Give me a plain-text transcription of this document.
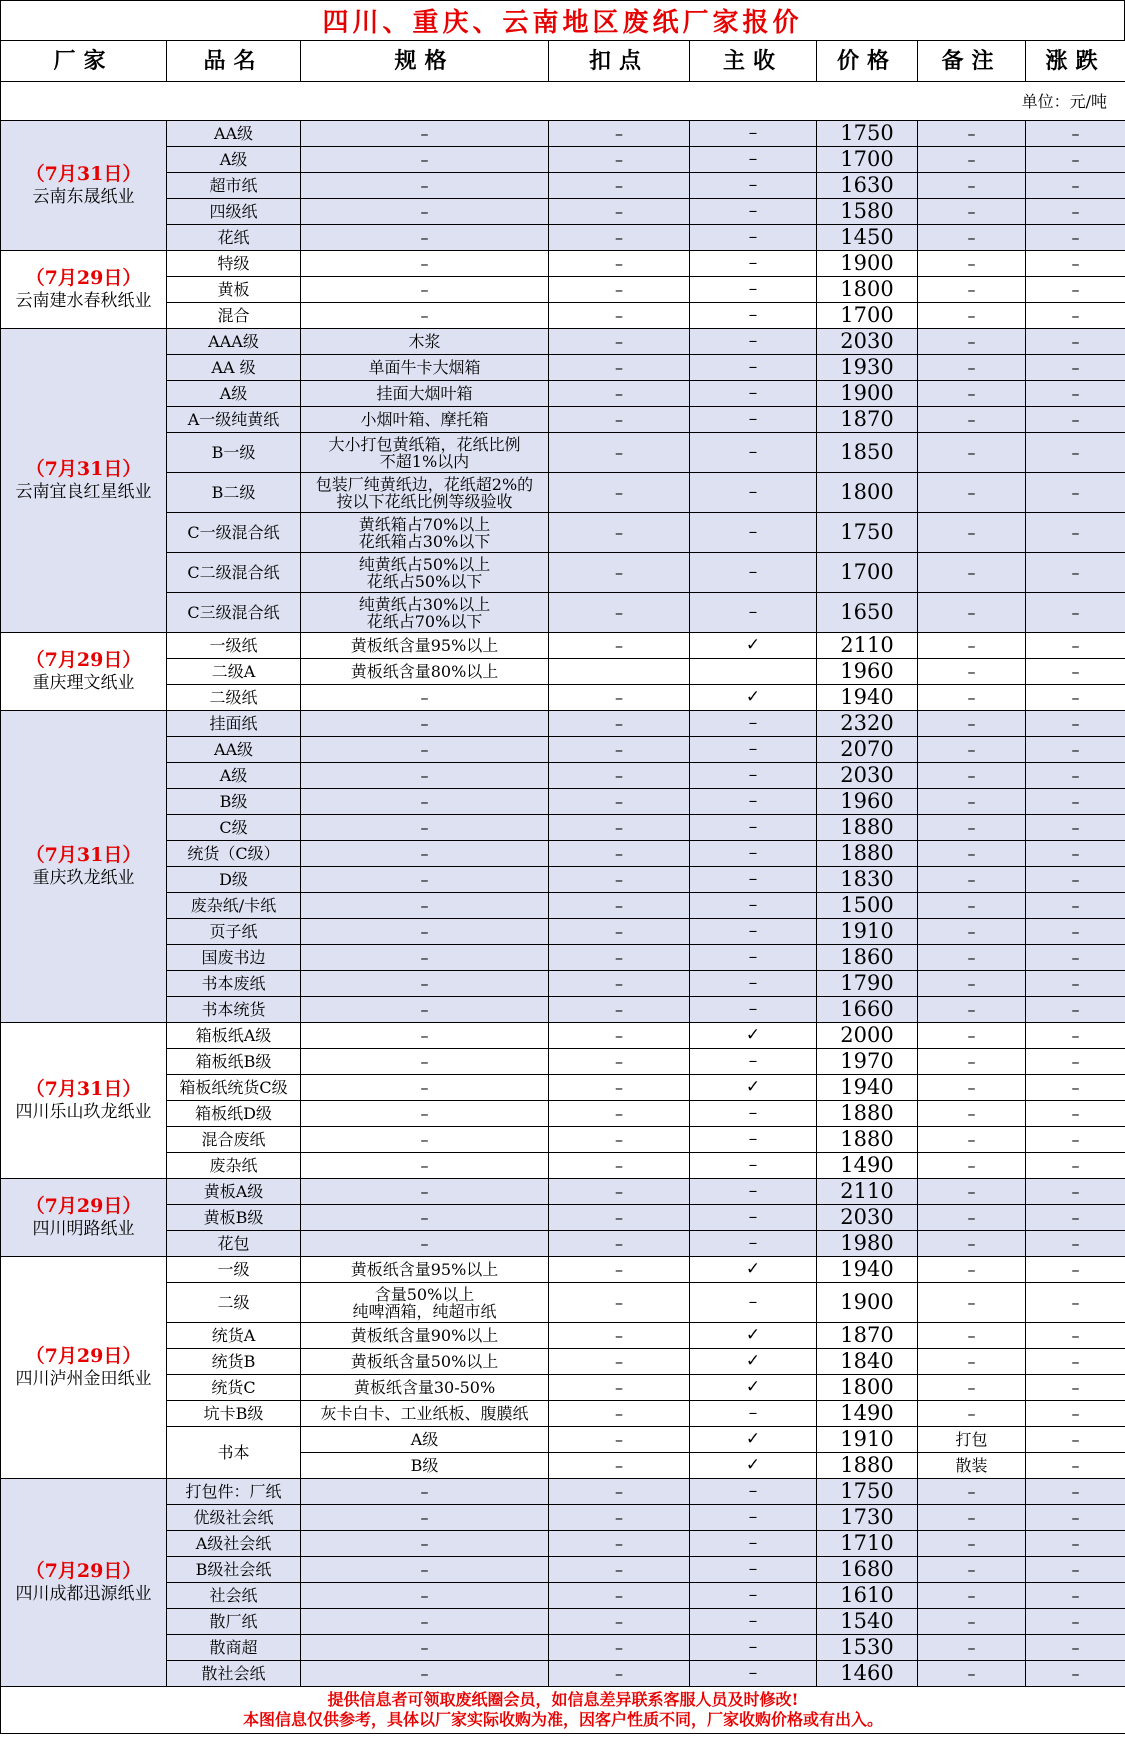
四川、重庆、云南地区废纸厂家报价
厂家	品名	规格	扣点	主收	价格	备注	涨跌
单位：元/吨							

（7月31日）
云南东晟纸业	AA级	–	–	–	1750	–	–
	A级	–	–	–	1700	–	–
	超市纸	–	–	–	1630	–	–
	四级纸	–	–	–	1580	–	–
	花纸	–	–	–	1450	–	–

（7月29日）
云南建水春秋纸业	特级	–	–	–	1900	–	–
	黄板	–	–	–	1800	–	–
	混合	–	–	–	1700	–	–

（7月31日）
云南宜良红星纸业	AAA级	木浆	–	–	2030	–	–
	AA 级	单面牛卡大烟箱	–	–	1930	–	–
	A级	挂面大烟叶箱	–	–	1900	–	–
	A一级纯黄纸	小烟叶箱、摩托箱	–	–	1870	–	–
	B一级	大小打包黄纸箱，花纸比例
不超1%以内	–	–	1850	–	–
	B二级	包装厂纯黄纸边，花纸超2%的
按以下花纸比例等级验收	–	–	1800	–	–
	C一级混合纸	黄纸箱占70%以上
花纸箱占30%以下	–	–	1750	–	–
	C二级混合纸	纯黄纸占50%以上
花纸占50%以下	–	–	1700	–	–
	C三级混合纸	纯黄纸占30%以上
花纸占70%以下	–	–	1650	–	–

（7月29日）
重庆理文纸业	一级纸	黄板纸含量95%以上	–	✓	2110	–	–
	二级A	黄板纸含量80%以上			1960	–	–
	二级纸	–	–	✓	1940	–	–

（7月31日）
重庆玖龙纸业	挂面纸	–	–	–	2320	–	–
	AA级	–	–	–	2070	–	–
	A级	–	–	–	2030	–	–
	B级	–	–	–	1960	–	–
	C级	–	–	–	1880	–	–
	统货（C级）	–	–	–	1880	–	–
	D级	–	–	–	1830	–	–
	废杂纸/卡纸	–	–	–	1500	–	–
	页子纸	–	–	–	1910	–	–
	国废书边	–	–	–	1860	–	–
	书本废纸	–	–	–	1790	–	–
	书本统货	–	–	–	1660	–	–

（7月31日）
四川乐山玖龙纸业	箱板纸A级	–	–	✓	2000	–	–
	箱板纸B级	–	–	–	1970	–	–
	箱板纸统货C级	–	–	✓	1940	–	–
	箱板纸D级	–	–	–	1880	–	–
	混合废纸	–	–	–	1880	–	–
	废杂纸	–	–	–	1490	–	–

（7月29日）
四川明路纸业	黄板A级	–	–	–	2110	–	–
	黄板B级	–	–	–	2030	–	–
	花包	–	–	–	1980	–	–

（7月29日）
四川泸州金田纸业	一级	黄板纸含量95%以上	–	✓	1940	–	–
	二级	含量50%以上
纯啤酒箱，纯超市纸	–	–	1900	–	–
	统货A	黄板纸含量90%以上	–	✓	1870	–	–
	统货B	黄板纸含量50%以上	–	✓	1840	–	–
	统货C	黄板纸含量30-50%	–	✓	1800	–	–
	坑卡B级	灰卡白卡、工业纸板、腹膜纸	–	–	1490	–	–
	书本	A级	–	✓	1910	打包	–
		B级	–	✓	1880	散装	–

（7月29日）
四川成都迅源纸业	打包件：厂纸	–	–	–	1750	–	–
	优级社会纸	–	–	–	1730	–	–
	A级社会纸	–	–	–	1710	–	–
	B级社会纸	–	–	–	1680	–	–
	社会纸	–	–	–	1610	–	–
	散厂纸	–	–	–	1540	–	–
	散商超	–	–	–	1530	–	–
	散社会纸	–	–	–	1460	–	–

提供信息者可领取废纸圈会员，如信息差异联系客服人员及时修改!
本图信息仅供参考，具体以厂家实际收购为准，因客户性质不同，厂家收购价格或有出入。							
